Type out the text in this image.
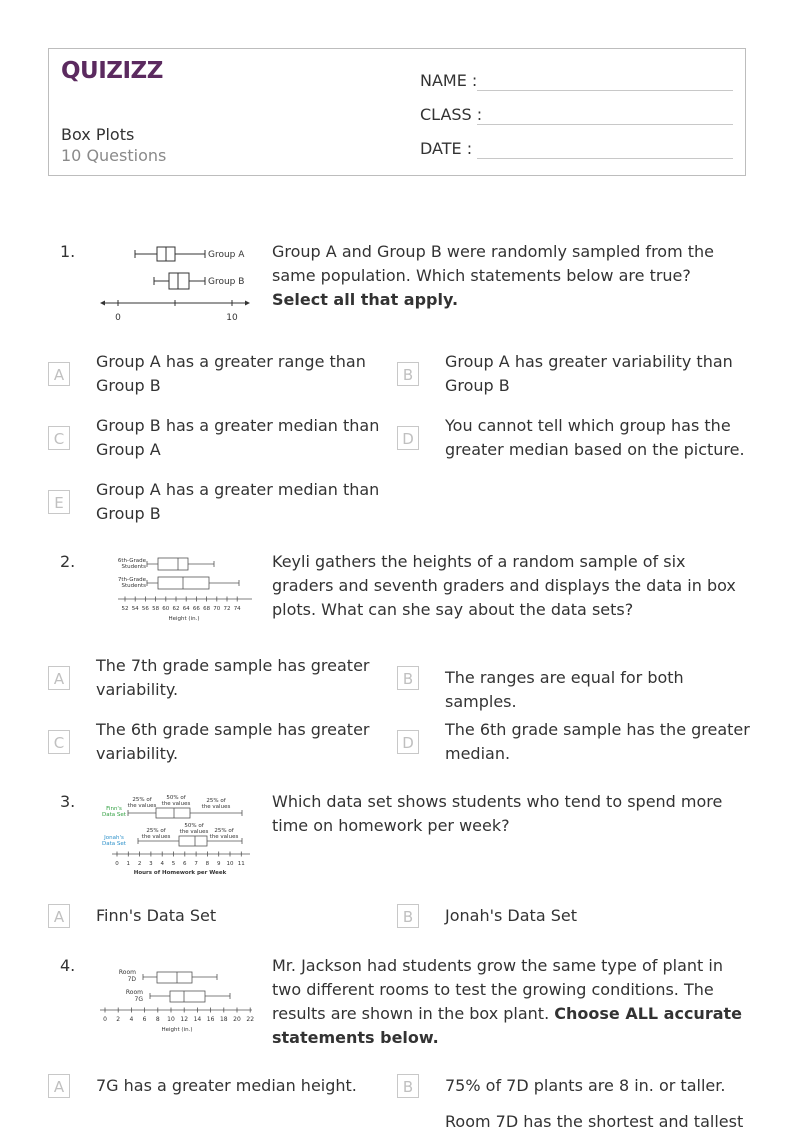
QUIZIZZ
Box Plots
10 Questions
NAME :
CLASS :
DATE :
1.	Group A
Group B
0	10
Group A and Group B were randomly sampled from the same population. Which statements below are true? Select all that apply.
A
Group A has a greater range than Group B
B
Group A has greater variability than Group B
C
Group B has a greater median than Group A
D
You cannot tell which group has the greater median based on the picture.
E
Group A has a greater median than Group B
2.	6th-Grade
Students
7th-Grade
Students
52 54 56 58 60 62 64 66 68 70 72 74
Height (in.)
Keyli gathers the heights of a random sample of six graders and seventh graders and displays the data in box plots. What can she say about the data sets?
A
The 7th grade sample has greater variability.
B	The ranges are equal for both samples.
C
The 6th grade sample has greater variability.
D
The 6th grade sample has the greater median.
3.	25% of
the values
50% of
the values	25% of
the values
25% of
the values
50% of
the values 25% of
the values
Finn's
Data Set
Jonah's
Data Set
0 1 2 3 4 5 6 7 8 9 10 11
Hours of Homework per Week
Which data set shows students who tend to spend more time on homework per week?
A	Finn's Data Set	B	Jonah's Data Set
4.	Room
7D
Room
7G
0 2 4 6 8 10 12 14 16 18 20 22
Height (in.)
Mr. Jackson had students grow the same type of plant in two different rooms to test the growing conditions. The results are shown in the box plant. Choose ALL accurate statements below.
A	7G has a greater median height.	B	75% of 7D plants are 8 in. or taller.
Room 7D has the shortest and tallest
